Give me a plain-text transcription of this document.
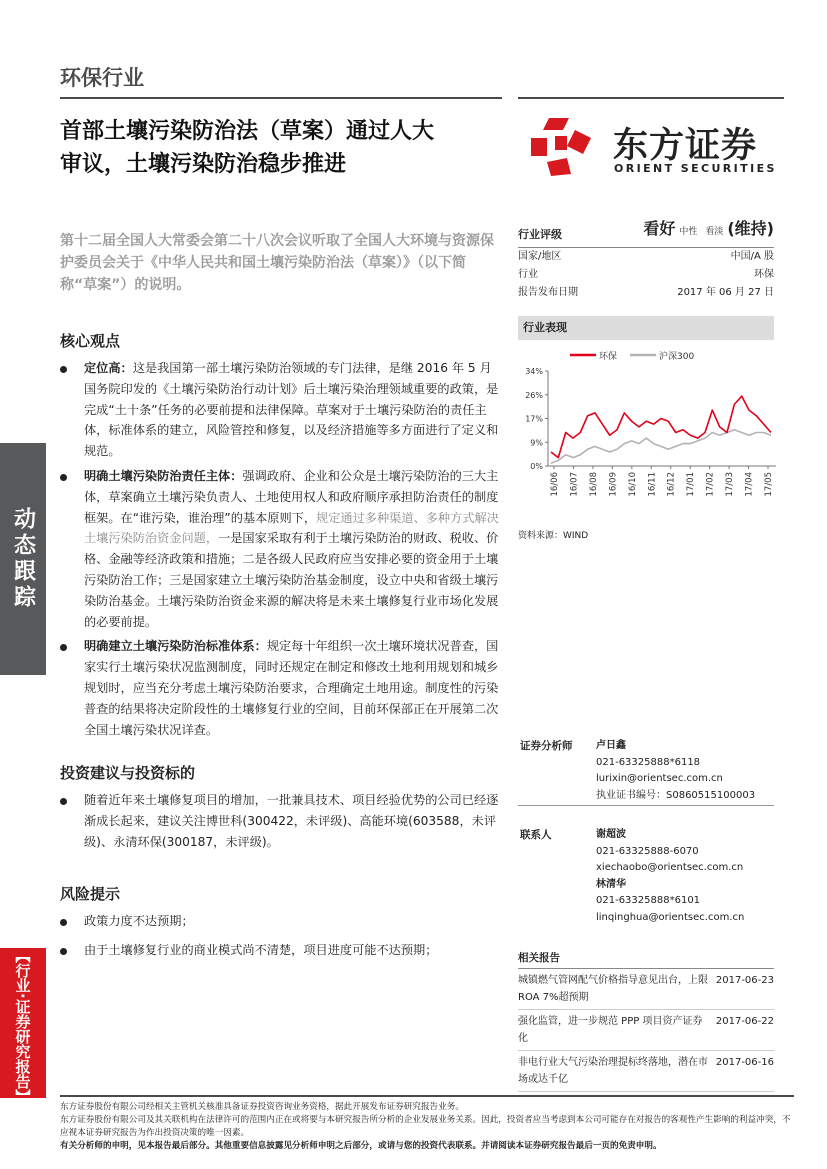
动态跟踪
【行业·证券研究报告】
环保行业
首部土壤污染防治法（草案）通过人大
审议，土壤污染防治稳步推进	东方证券
ORIENT SECURITIES
第十二届全国人大常委会第二十八次会议听取了全国人大环境与资源保护委员会关于《中华人民共和国土壤污染防治法（草案）》（以下简称“草案”）的说明。
核心观点
定位高：这是我国第一部土壤污染防治领域的专门法律，是继 2016 年 5 月国务院印发的《土壤污染防治行动计划》后土壤污染治理领域重要的政策，是完成“土十条”任务的必要前提和法律保障。草案对于土壤污染防治的责任主体，标准体系的建立，风险管控和修复，以及经济措施等多方面进行了定义和规范。
明确土壤污染防治责任主体：强调政府、企业和公众是土壤污染防治的三大主体，草案确立土壤污染负责人、土地使用权人和政府顺序承担防治责任的制度框架。在“谁污染，谁治理”的基本原则下，规定通过多种渠道、多种方式解决土壤污染防治资金问题，一是国家采取有利于土壤污染防治的财政、税收、价格、金融等经济政策和措施；二是各级人民政府应当安排必要的资金用于土壤污染防治工作；三是国家建立土壤污染防治基金制度，设立中央和省级土壤污染防治基金。土壤污染防治资金来源的解决将是未来土壤修复行业市场化发展的必要前提。
明确建立土壤污染防治标准体系：规定每十年组织一次土壤环境状况普查，国家实行土壤污染状况监测制度，同时还规定在制定和修改土地利用规划和城乡规划时，应当充分考虑土壤污染防治要求，合理确定土地用途。制度性的污染普查的结果将决定阶段性的土壤修复行业的空间，目前环保部正在开展第二次全国土壤污染状况详查。
投资建议与投资标的
随着近年来土壤修复项目的增加，一批兼具技术、项目经验优势的公司已经逐渐成长起来，建议关注博世科(300422，未评级)、高能环境(603588，未评级)、永清环保(300187，未评级)。
风险提示
政策力度不达预期；
由于土壤修复行业的商业模式尚不清楚，项目进度可能不达预期；
行业评级	看好 中性 看淡 (维持)
国家/地区	中国/A 股
行业	环保
报告发布日期	2017 年 06 月 27 日
行业表现
环保	沪深300
0%
9%
17%
26%
34%
16/06 16/07 16/08 16/09 16/10 16/11 16/12 17/01 17/02 17/03 17/04 17/05
资料来源：WIND
证券分析师 卢日鑫
021-63325888*6118
lurixin@orientsec.com.cn
执业证书编号：S0860515100003
联系人	谢超波
021-63325888-6070
xiechaobo@orientsec.com.cn
林清华
021-63325888*6101
linqinghua@orientsec.com.cn
相关报告
城镇燃气管网配气价格指导意见出台，上限 ROA 7%超预期
2017-06-23
强化监管，进一步规范 PPP 项目资产证券化
2017-06-22
非电行业大气污染治理提标终落地，潜在市场或达千亿
2017-06-16
东方证券股份有限公司经相关主管机关核准具备证券投资咨询业务资格，据此开展发布证券研究报告业务。
东方证券股份有限公司及其关联机构在法律许可的范围内正在或将要与本研究报告所分析的企业发展业务关系。因此，投资者应当考虑到本公司可能存在对报告的客观性产生影响的利益冲突，不应视本证券研究报告为作出投资决策的唯一因素。
有关分析师的申明，见本报告最后部分。其他重要信息披露见分析师申明之后部分，或请与您的投资代表联系。并请阅读本证券研究报告最后一页的免责申明。
